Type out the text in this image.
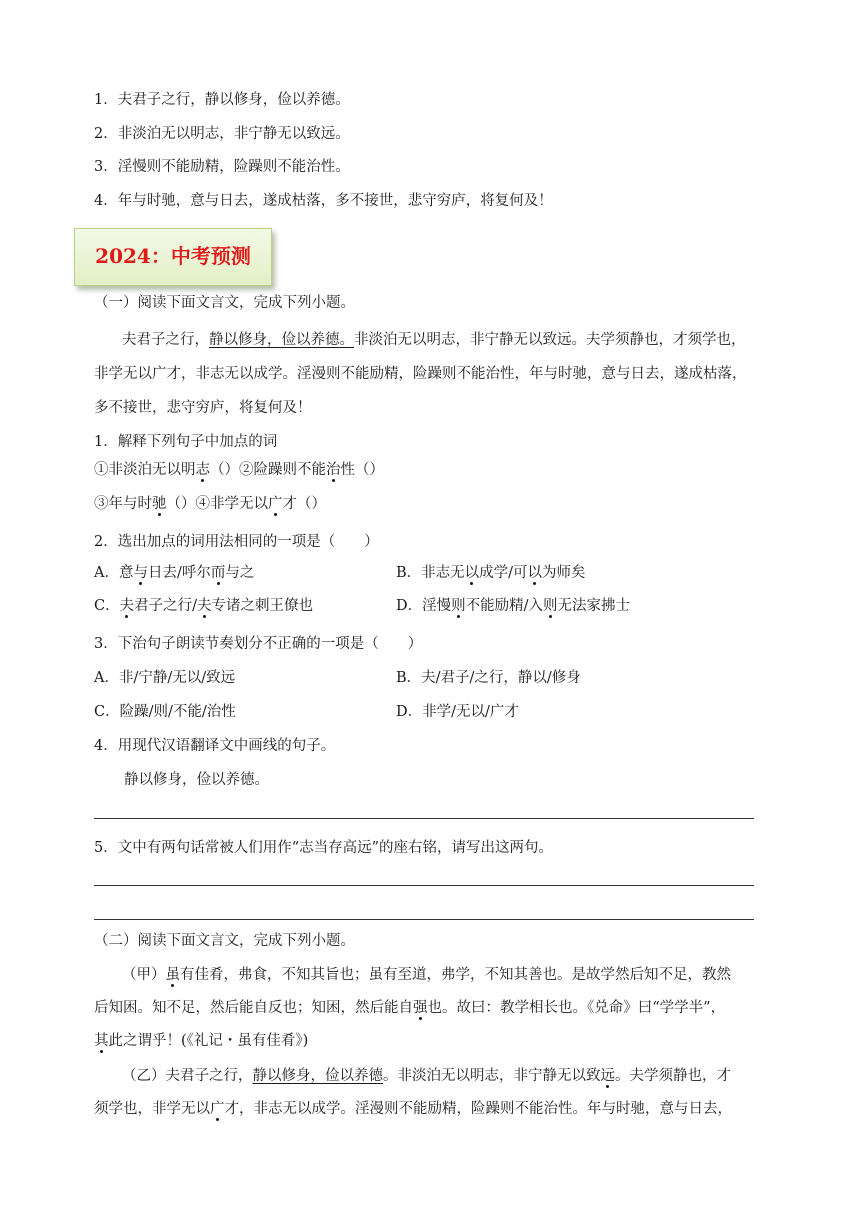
1．夫君子之行，静以修身，俭以养德。
2．非淡泊无以明志，非宁静无以致远。
3．淫慢则不能励精，险躁则不能治性。
4．年与时驰，意与日去，遂成枯落，多不接世，悲守穷庐，将复何及！
2024：中考预测
（一）阅读下面文言文，完成下列小题。
夫君子之行，静以修身，俭以养德。非淡泊无以明志，非宁静无以致远。夫学须静也，才须学也，
非学无以广才，非志无以成学。淫漫则不能励精，险躁则不能治性，年与时驰，意与日去，遂成枯落，
多不接世，悲守穷庐，将复何及！
1．解释下列句子中加点的词
①非淡泊无以明志（）②险躁则不能治性（）
③年与时驰（）④非学无以广才（）
2．选出加点的词用法相同的一项是（　　）
A．意与日去/呼尔而与之	B．非志无以成学/可以为师矣
C．夫君子之行/夫专诸之刺王僚也	D．淫慢则不能励精/入则无法家拂士
3．下治句子朗读节奏划分不正确的一项是（　　）
A．非/宁静/无以/致远	B．夫/君子/之行，静以/修身
C．险躁/则/不能/治性	D．非学/无以/广才
4．用现代汉语翻译文中画线的句子。
静以修身，俭以养德。
5．文中有两句话常被人们用作“志当存高远”的座右铭，请写出这两句。
（二）阅读下面文言文，完成下列小题。
（甲）虽有佳肴，弗食，不知其旨也；虽有至道，弗学，不知其善也。是故学然后知不足，教然
后知困。知不足，然后能自反也；知困，然后能自强也。故曰：教学相长也。《兑命》曰“学学半”，
其此之谓乎！(《礼记・虽有佳肴》)
（乙）夫君子之行，静以修身，俭以养德。非淡泊无以明志，非宁静无以致远。夫学须静也，才
须学也，非学无以广才，非志无以成学。淫漫则不能励精，险躁则不能治性。年与时驰，意与日去，
